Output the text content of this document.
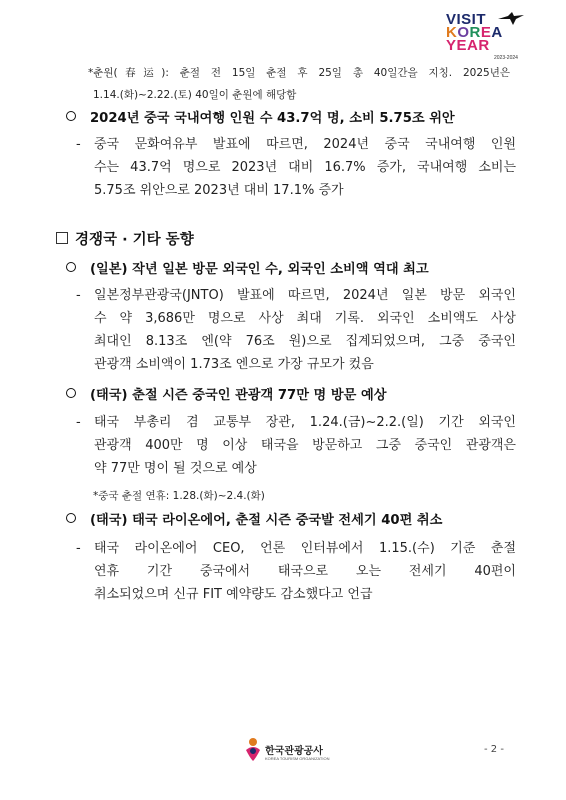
VISIT
KOREA
YEAR
2023-2024
*춘원(春运): 춘절 전 15일 춘절 후 25일 총 40일간을 지칭. 2025년은
1.14.(화)~2.22.(토) 40일이 춘원에 해당함
2024년 중국 국내여행 인원 수 43.7억 명, 소비 5.75조 위안
- 중국 문화여유부 발표에 따르면, 2024년 중국 국내여행 인원
수는 43.7억 명으로 2023년 대비 16.7% 증가, 국내여행 소비는
5.75조 위안으로 2023년 대비 17.1% 증가
경쟁국 · 기타 동향
(일본) 작년 일본 방문 외국인 수, 외국인 소비액 역대 최고
- 일본정부관광국(JNTO) 발표에 따르면, 2024년 일본 방문 외국인
수 약 3,686만 명으로 사상 최대 기록. 외국인 소비액도 사상
최대인 8.13조 엔(약 76조 원)으로 집계되었으며, 그중 중국인
관광객 소비액이 1.73조 엔으로 가장 규모가 컸음
(태국) 춘절 시즌 중국인 관광객 77만 명 방문 예상
- 태국 부총리 겸 교통부 장관, 1.24.(금)~2.2.(일) 기간 외국인
관광객 400만 명 이상 태국을 방문하고 그중 중국인 관광객은
약 77만 명이 될 것으로 예상
*중국 춘절 연휴: 1.28.(화)~2.4.(화)
(태국) 태국 라이온에어, 춘절 시즌 중국발 전세기 40편 취소
- 태국 라이온에어 CEO, 언론 인터뷰에서 1.15.(수) 기준 춘절
연휴 기간 중국에서 태국으로 오는 전세기 40편이
취소되었으며 신규 FIT 예약량도 감소했다고 언급
한국관광공사
KOREA TOURISM ORGANIZATION
- 2 -
